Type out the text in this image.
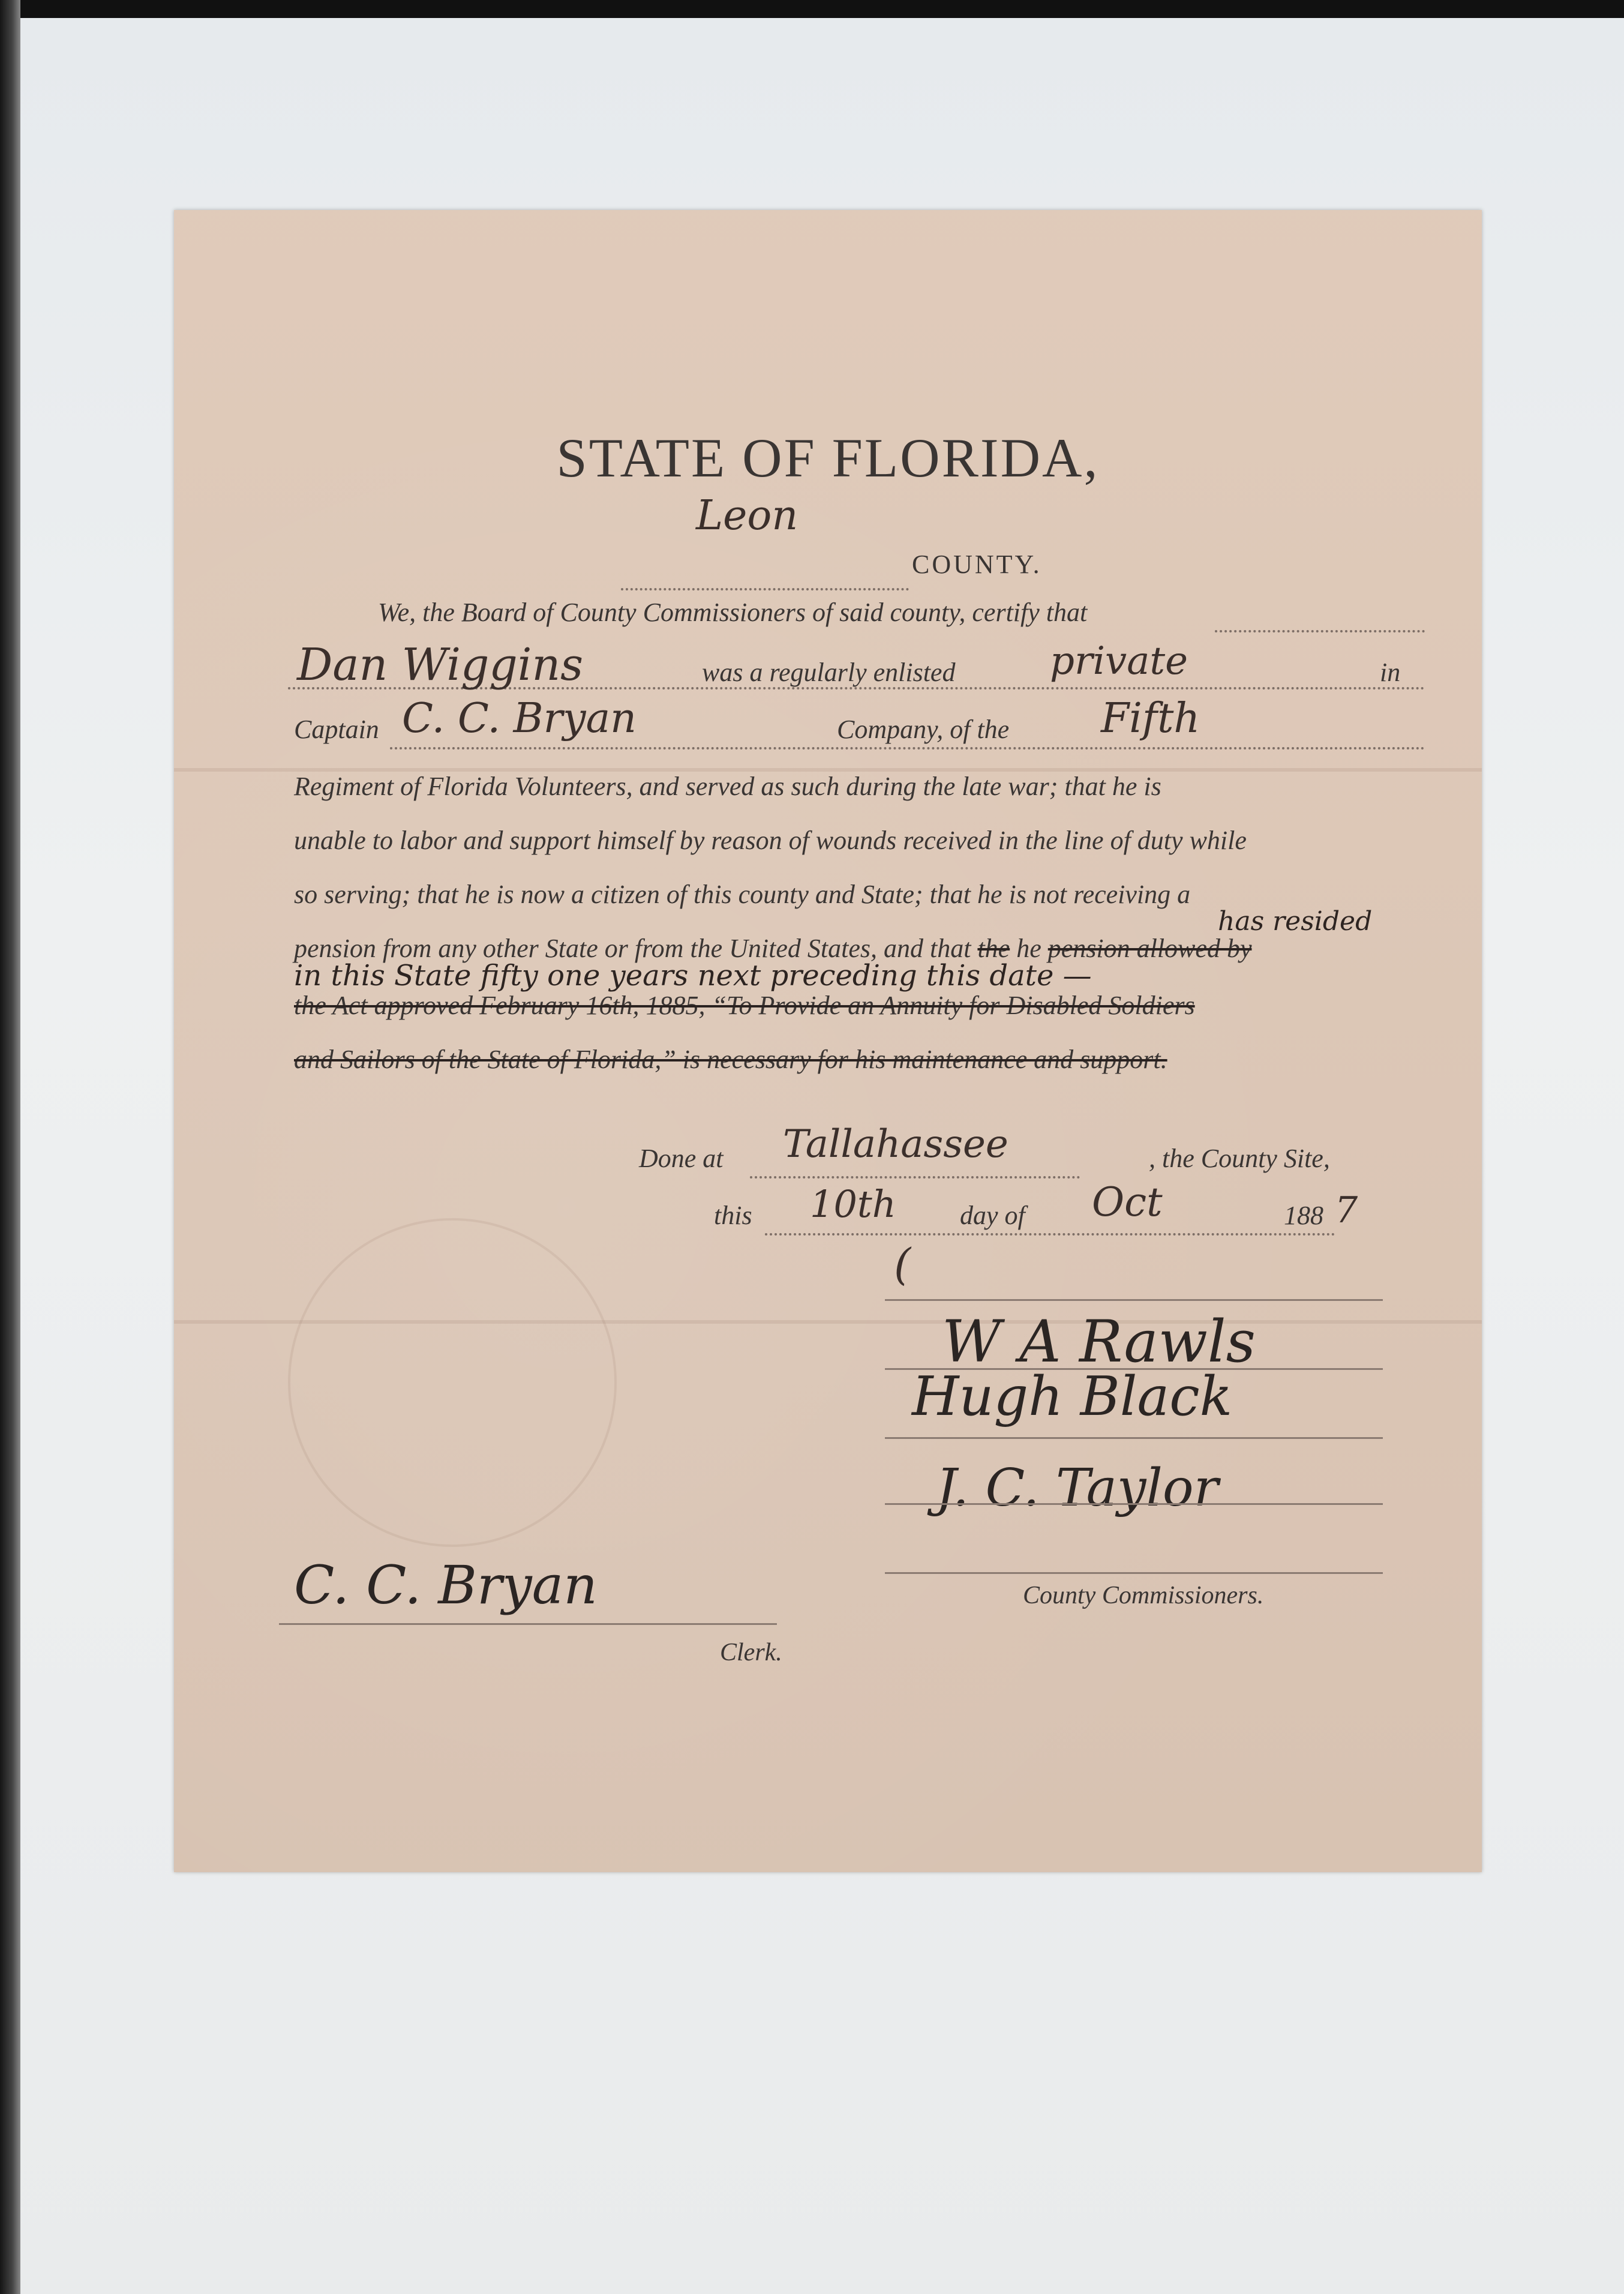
STATE OF FLORIDA,
Leon
COUNTY.
We, the Board of County Commissioners of said county, certify that
Dan Wiggins	was a regularly enlisted private	in
Captain C. C. Bryan	Company, of the Fifth
Regiment of Florida Volunteers, and served as such during the late war; that he is
unable to labor and support himself by reason of wounds received in the line of duty while
so serving; that he is now a citizen of this county and State; that he is not receiving a
has resided
pension from any other State or from the United States, and that the he pension allowed by
in this State fifty one years next preceding this date —
the Act approved February 16th, 1885, “To Provide an Annuity for Disabled Soldiers
and Sailors of the State of Florida,” is necessary for his maintenance and support.
Done at Tallahassee	, the County Site,
this 10th day of Oct	188 7
(
W A Rawls
Hugh Black
J. C. Taylor
County Commissioners.
C. C. Bryan
Clerk.
